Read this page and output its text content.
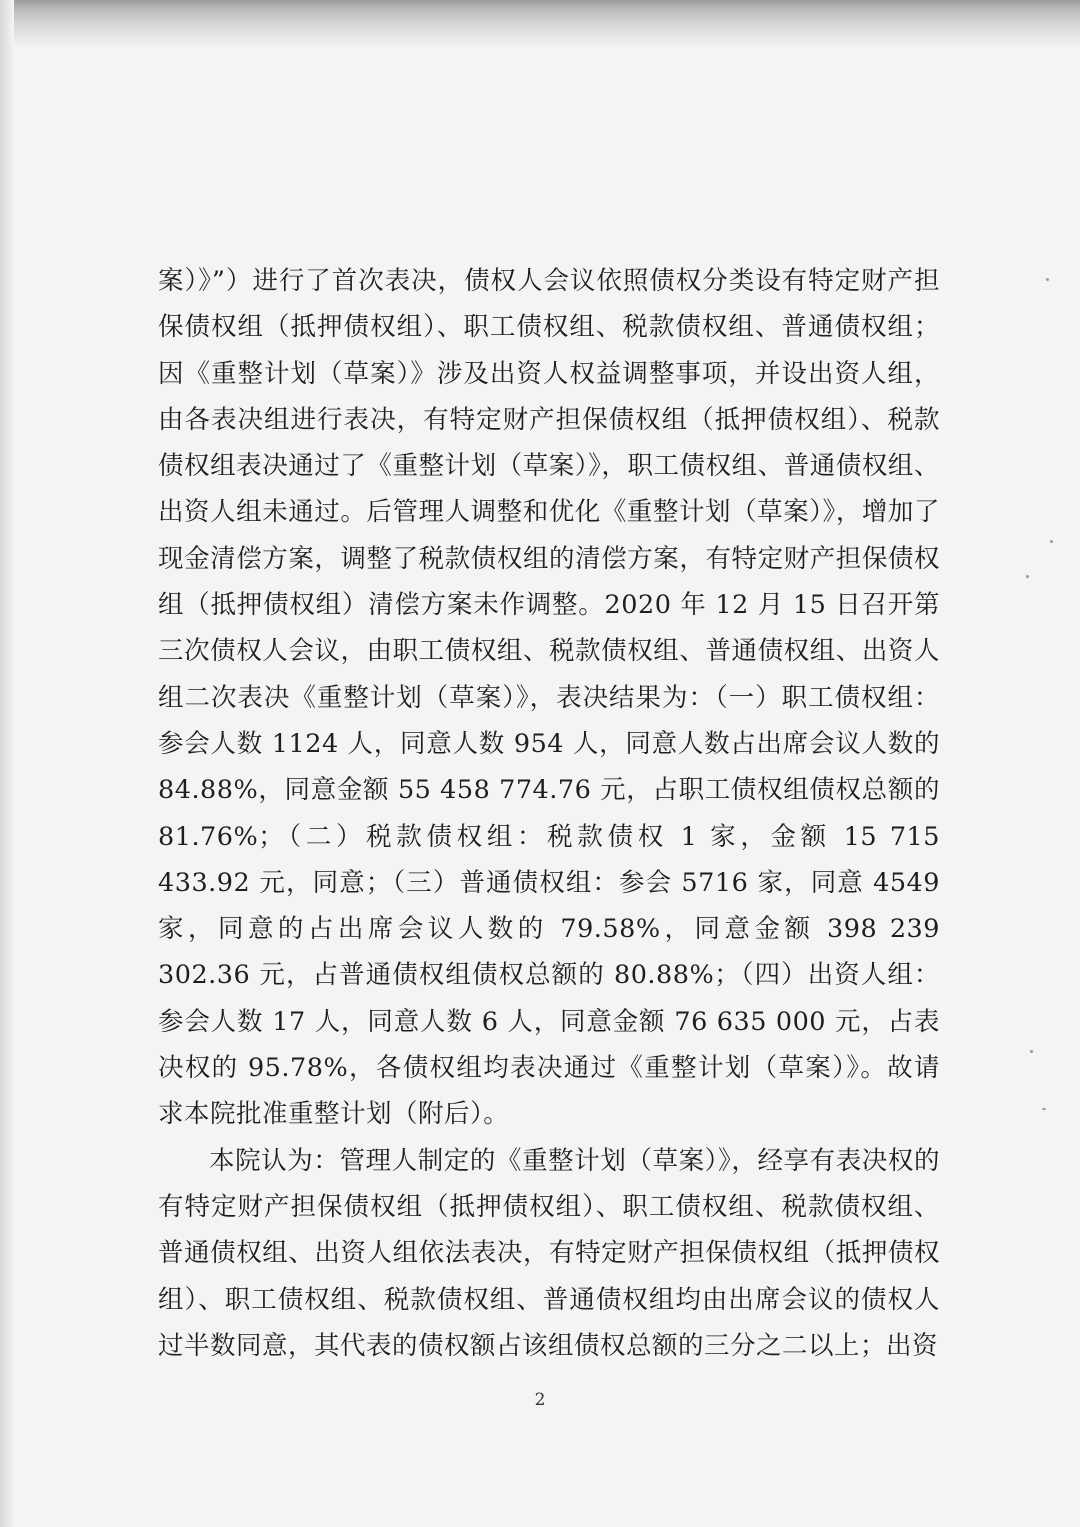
案）》”）进行了首次表决，债权人会议依照债权分类设有特定财产担保债权组（抵押债权组）、职工债权组、税款债权组、普通债权组；因《重整计划（草案）》涉及出资人权益调整事项，并设出资人组，由各表决组进行表决，有特定财产担保债权组（抵押债权组）、税款债权组表决通过了《重整计划（草案）》，职工债权组、普通债权组、出资人组未通过。后管理人调整和优化《重整计划（草案）》，增加了现金清偿方案，调整了税款债权组的清偿方案，有特定财产担保债权组（抵押债权组）清偿方案未作调整。2020 年 12 月 15 日召开第三次债权人会议，由职工债权组、税款债权组、普通债权组、出资人组二次表决《重整计划（草案）》，表决结果为：（一）职工债权组：参会人数 1124 人，同意人数 954 人，同意人数占出席会议人数的 84.88%，同意金额 55 458 774.76 元，占职工债权组债权总额的 81.76%；（二）税款债权组：税款债权 1 家，金额 15 715 433.92 元，同意；（三）普通债权组：参会 5716 家，同意 4549 家，同意的占出席会议人数的 79.58%，同意金额 398 239 302.36 元，占普通债权组债权总额的 80.88%；（四）出资人组：参会人数 17 人，同意人数 6 人，同意金额 76 635 000 元，占表决权的 95.78%，各债权组均表决通过《重整计划（草案）》。故请求本院批准重整计划（附后）。

本院认为：管理人制定的《重整计划（草案）》，经享有表决权的有特定财产担保债权组（抵押债权组）、职工债权组、税款债权组、普通债权组、出资人组依法表决，有特定财产担保债权组（抵押债权组）、职工债权组、税款债权组、普通债权组均由出席会议的债权人过半数同意，其代表的债权额占该组债权总额的三分之二以上；出资

2
